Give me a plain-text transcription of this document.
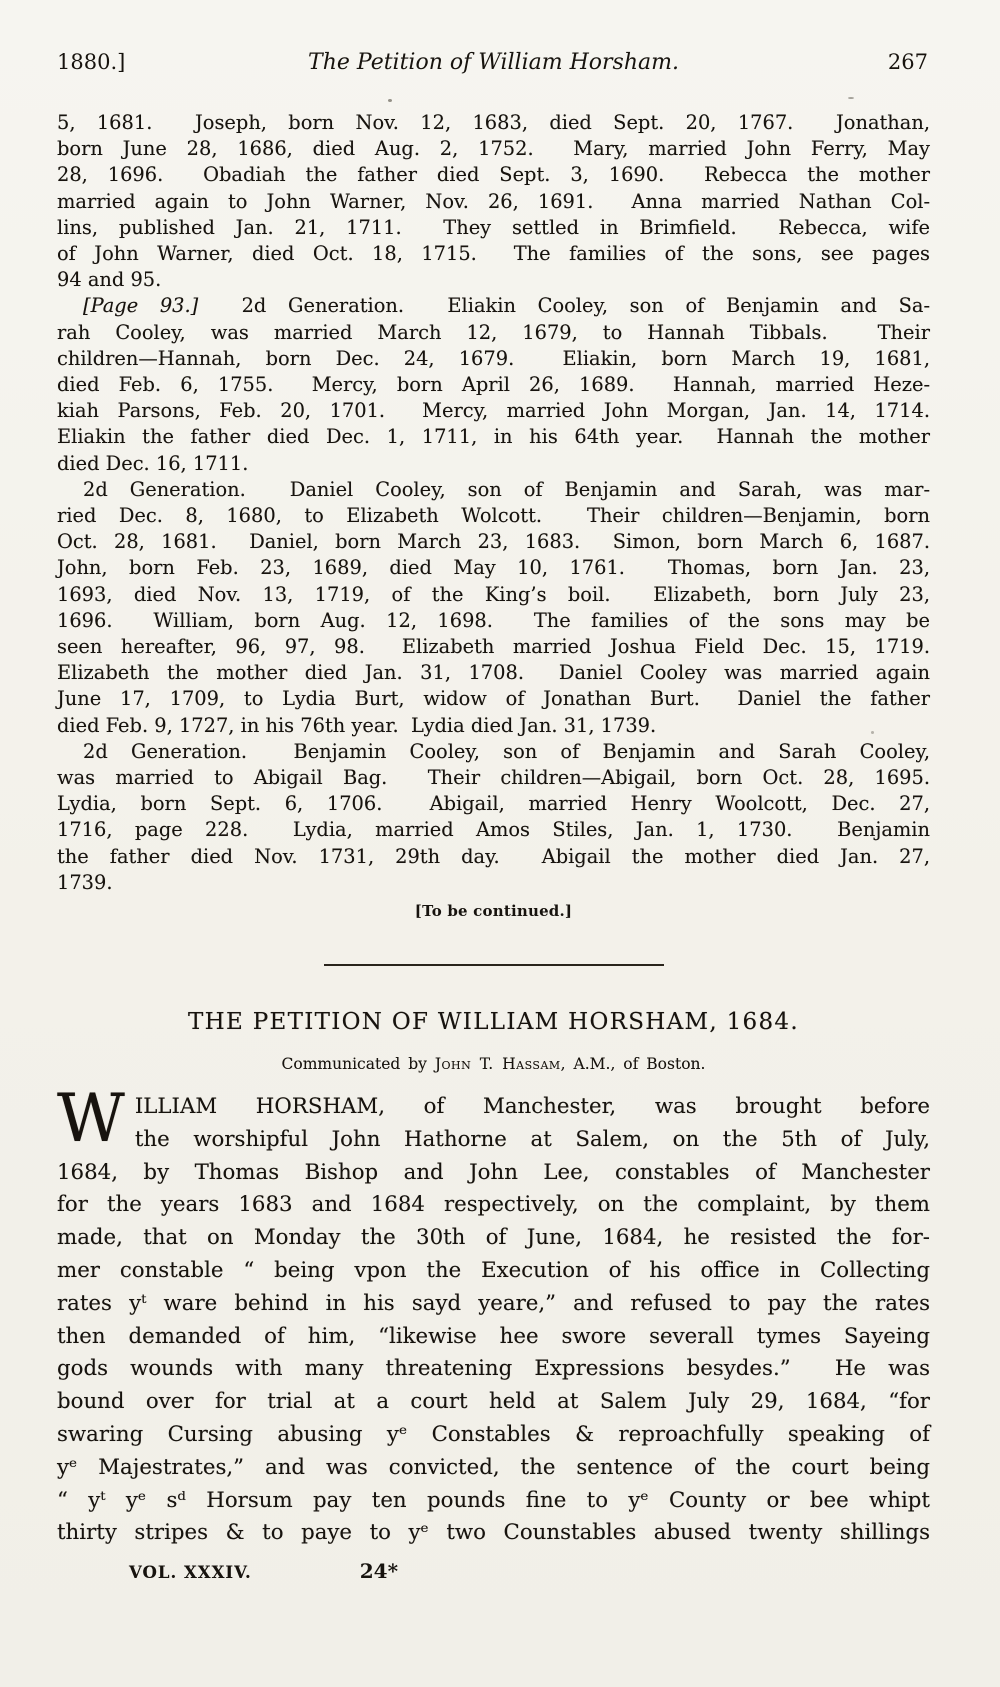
1880.]	The Petition of William Horsham.	267
5, 1681.  Joseph, born Nov. 12, 1683, died Sept. 20, 1767.  Jonathan,
born June 28, 1686, died Aug. 2, 1752.  Mary, married John Ferry, May
28, 1696.  Obadiah the father died Sept. 3, 1690.  Rebecca the mother
married again to John Warner, Nov. 26, 1691.  Anna married Nathan Col-
lins, published Jan. 21, 1711.  They settled in Brimfield.  Rebecca, wife
of John Warner, died Oct. 18, 1715.  The families of the sons, see pages
94 and 95.
[Page 93.]  2d Generation.  Eliakin Cooley, son of Benjamin and Sa-
rah Cooley, was married March 12, 1679, to Hannah Tibbals.  Their
children—Hannah, born Dec. 24, 1679.  Eliakin, born March 19, 1681,
died Feb. 6, 1755.  Mercy, born April 26, 1689.  Hannah, married Heze-
kiah Parsons, Feb. 20, 1701.  Mercy, married John Morgan, Jan. 14, 1714.
Eliakin the father died Dec. 1, 1711, in his 64th year.  Hannah the mother
died Dec. 16, 1711.
2d Generation.  Daniel Cooley, son of Benjamin and Sarah, was mar-
ried Dec. 8, 1680, to Elizabeth Wolcott.  Their children—Benjamin, born
Oct. 28, 1681.  Daniel, born March 23, 1683.  Simon, born March 6, 1687.
John, born Feb. 23, 1689, died May 10, 1761.  Thomas, born Jan. 23,
1693, died Nov. 13, 1719, of the King’s boil.  Elizabeth, born July 23,
1696.  William, born Aug. 12, 1698.  The families of the sons may be
seen hereafter, 96, 97, 98.  Elizabeth married Joshua Field Dec. 15, 1719.
Elizabeth the mother died Jan. 31, 1708.  Daniel Cooley was married again
June 17, 1709, to Lydia Burt, widow of Jonathan Burt.  Daniel the father
died Feb. 9, 1727, in his 76th year.  Lydia died Jan. 31, 1739.
2d Generation.  Benjamin Cooley, son of Benjamin and Sarah Cooley,
was married to Abigail Bag.  Their children—Abigail, born Oct. 28, 1695.
Lydia, born Sept. 6, 1706.  Abigail, married Henry Woolcott, Dec. 27,
1716, page 228.  Lydia, married Amos Stiles, Jan. 1, 1730.  Benjamin
the father died Nov. 1731, 29th day.  Abigail the mother died Jan. 27,
1739.
[To be continued.]
THE PETITION OF WILLIAM HORSHAM, 1684.
Communicated by John T. Hassam, A.M., of Boston.
WILLIAM HORSHAM, of Manchester, was brought before
the worshipful John Hathorne at Salem, on the 5th of July,
1684, by Thomas Bishop and John Lee, constables of Manchester
for the years 1683 and 1684 respectively, on the complaint, by them
made, that on Monday the 30th of June, 1684, he resisted the for-
mer constable “ being vpon the Execution of his office in Collecting
rates yᵗ ware behind in his sayd yeare,” and refused to pay the rates
then demanded of him, “likewise hee swore severall tymes Sayeing
gods wounds with many threatening Expressions besydes.”  He was
bound over for trial at a court held at Salem July 29, 1684, “for
swaring Cursing abusing yᵉ Constables & reproachfully speaking of
yᵉ Majestrates,” and was convicted, the sentence of the court being
“ yᵗ yᵉ sᵈ Horsum pay ten pounds fine to yᵉ County or bee whipt
thirty stripes & to paye to yᵉ two Counstables abused twenty shillings
VOL. XXXIV.	24*
